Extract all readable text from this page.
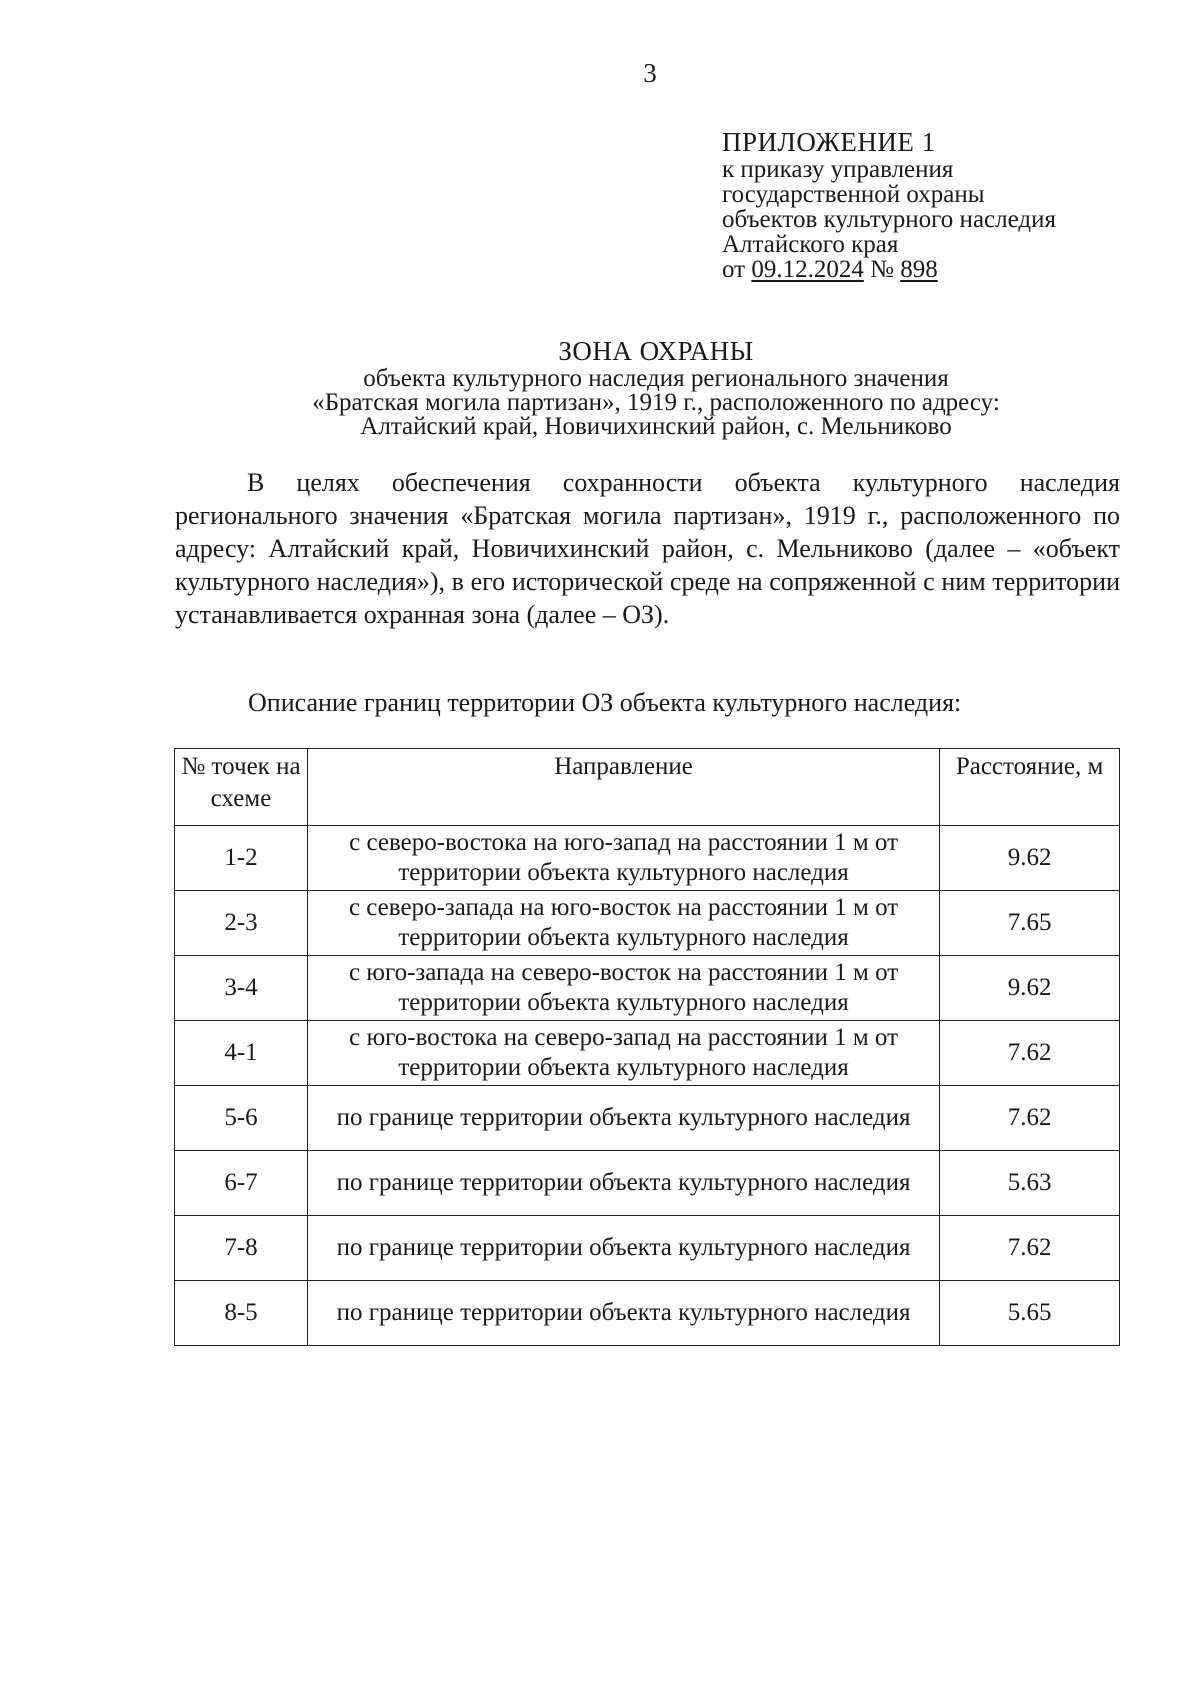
3
ПРИЛОЖЕНИЕ 1
к приказу управления
государственной охраны
объектов культурного наследия
Алтайского края
от 09.12.2024 № 898
ЗОНА ОХРАНЫ
объекта культурного наследия регионального значения
«Братская могила партизан», 1919 г., расположенного по адресу:
Алтайский край, Новичихинский район, с. Мельниково

В целях обеспечения сохранности объекта культурного наследия регионального значения «Братская могила партизан», 1919 г., расположенного по адресу: Алтайский край, Новичихинский район, с. Мельниково (далее – «объект культурного наследия»), в его исторической среде на сопряженной с ним территории устанавливается охранная зона (далее – ОЗ).

Описание границ территории ОЗ объекта культурного наследия:
№ точек на схеме	Направление	Расстояние, м
1-2	с северо-востока на юго-запад на расстоянии 1 м от территории объекта культурного наследия	9.62
2-3	с северо-запада на юго-восток на расстоянии 1 м от территории объекта культурного наследия	7.65
3-4	с юго-запада на северо-восток на расстоянии 1 м от территории объекта культурного наследия	9.62
4-1	с юго-востока на северо-запад на расстоянии 1 м от территории объекта культурного наследия	7.62
5-6	по границе территории объекта культурного наследия	7.62
6-7	по границе территории объекта культурного наследия	5.63
7-8	по границе территории объекта культурного наследия	7.62
8-5	по границе территории объекта культурного наследия	5.65
